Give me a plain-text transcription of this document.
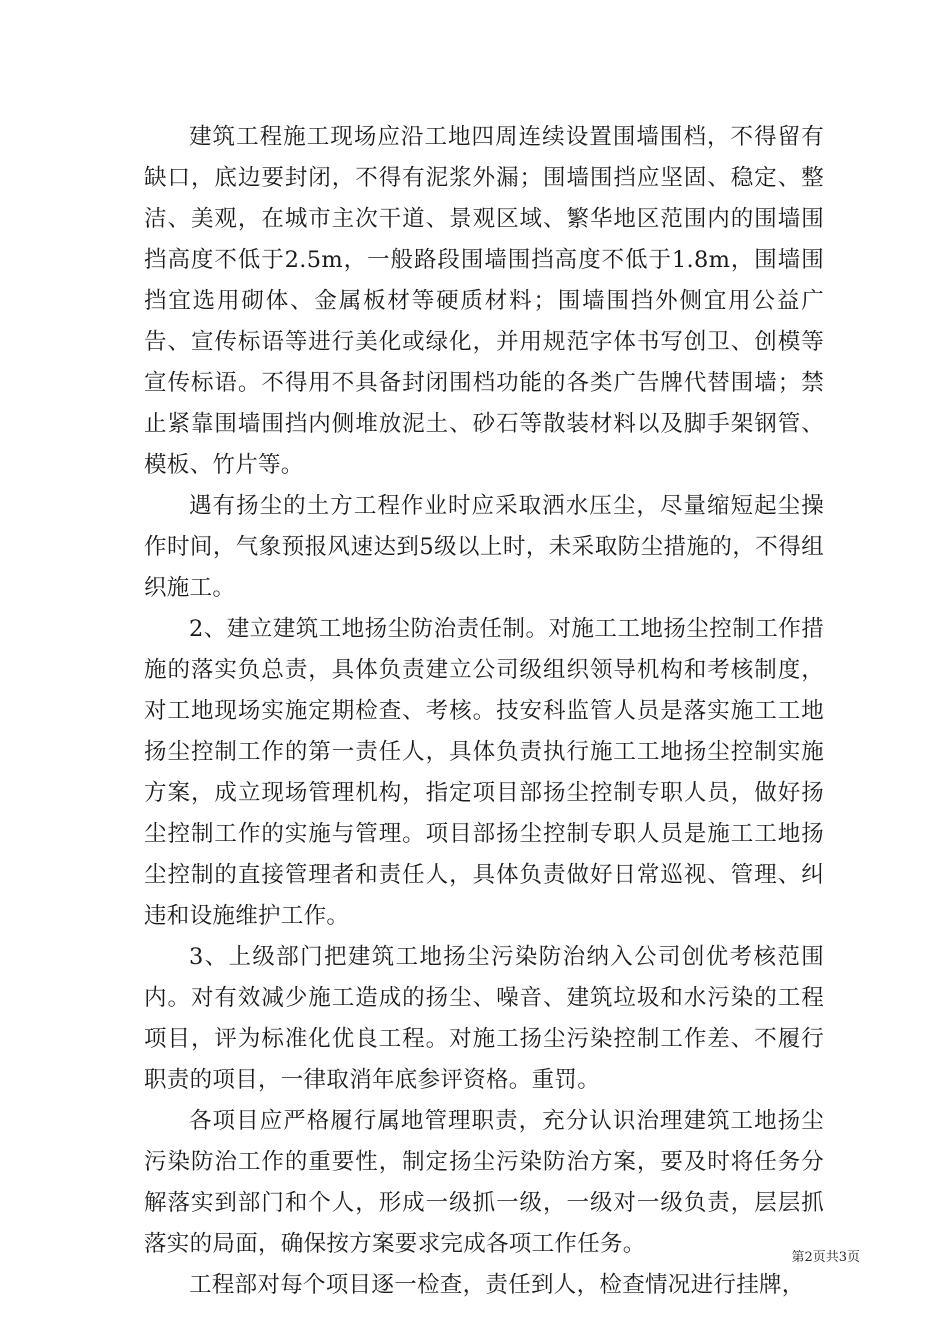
建筑工程施工现场应沿工地四周连续设置围墙围档，不得留有缺口，底边要封闭，不得有泥浆外漏；围墙围挡应坚固、稳定、整洁、美观，在城市主次干道、景观区域、繁华地区范围内的围墙围挡高度不低于2.5m，一般路段围墙围挡高度不低于1.8m，围墙围挡宜选用砌体、金属板材等硬质材料；围墙围挡外侧宜用公益广告、宣传标语等进行美化或绿化，并用规范字体书写创卫、创模等宣传标语。不得用不具备封闭围档功能的各类广告牌代替围墙；禁止紧靠围墙围挡内侧堆放泥土、砂石等散装材料以及脚手架钢管、模板、竹片等。

遇有扬尘的土方工程作业时应采取洒水压尘，尽量缩短起尘操作时间，气象预报风速达到5级以上时，未采取防尘措施的，不得组织施工。

2、建立建筑工地扬尘防治责任制。对施工工地扬尘控制工作措施的落实负总责，具体负责建立公司级组织领导机构和考核制度，对工地现场实施定期检查、考核。技安科监管人员是落实施工工地扬尘控制工作的第一责任人，具体负责执行施工工地扬尘控制实施方案，成立现场管理机构，指定项目部扬尘控制专职人员，做好扬尘控制工作的实施与管理。项目部扬尘控制专职人员是施工工地扬尘控制的直接管理者和责任人，具体负责做好日常巡视、管理、纠违和设施维护工作。

3、上级部门把建筑工地扬尘污染防治纳入公司创优考核范围内。对有效减少施工造成的扬尘、噪音、建筑垃圾和水污染的工程项目，评为标准化优良工程。对施工扬尘污染控制工作差、不履行职责的项目，一律取消年底参评资格。重罚。

各项目应严格履行属地管理职责，充分认识治理建筑工地扬尘污染防治工作的重要性，制定扬尘污染防治方案，要及时将任务分解落实到部门和个人，形成一级抓一级，一级对一级负责，层层抓落实的局面，确保按方案要求完成各项工作任务。

工程部对每个项目逐一检查，责任到人，检查情况进行挂牌，

第2页共3页
